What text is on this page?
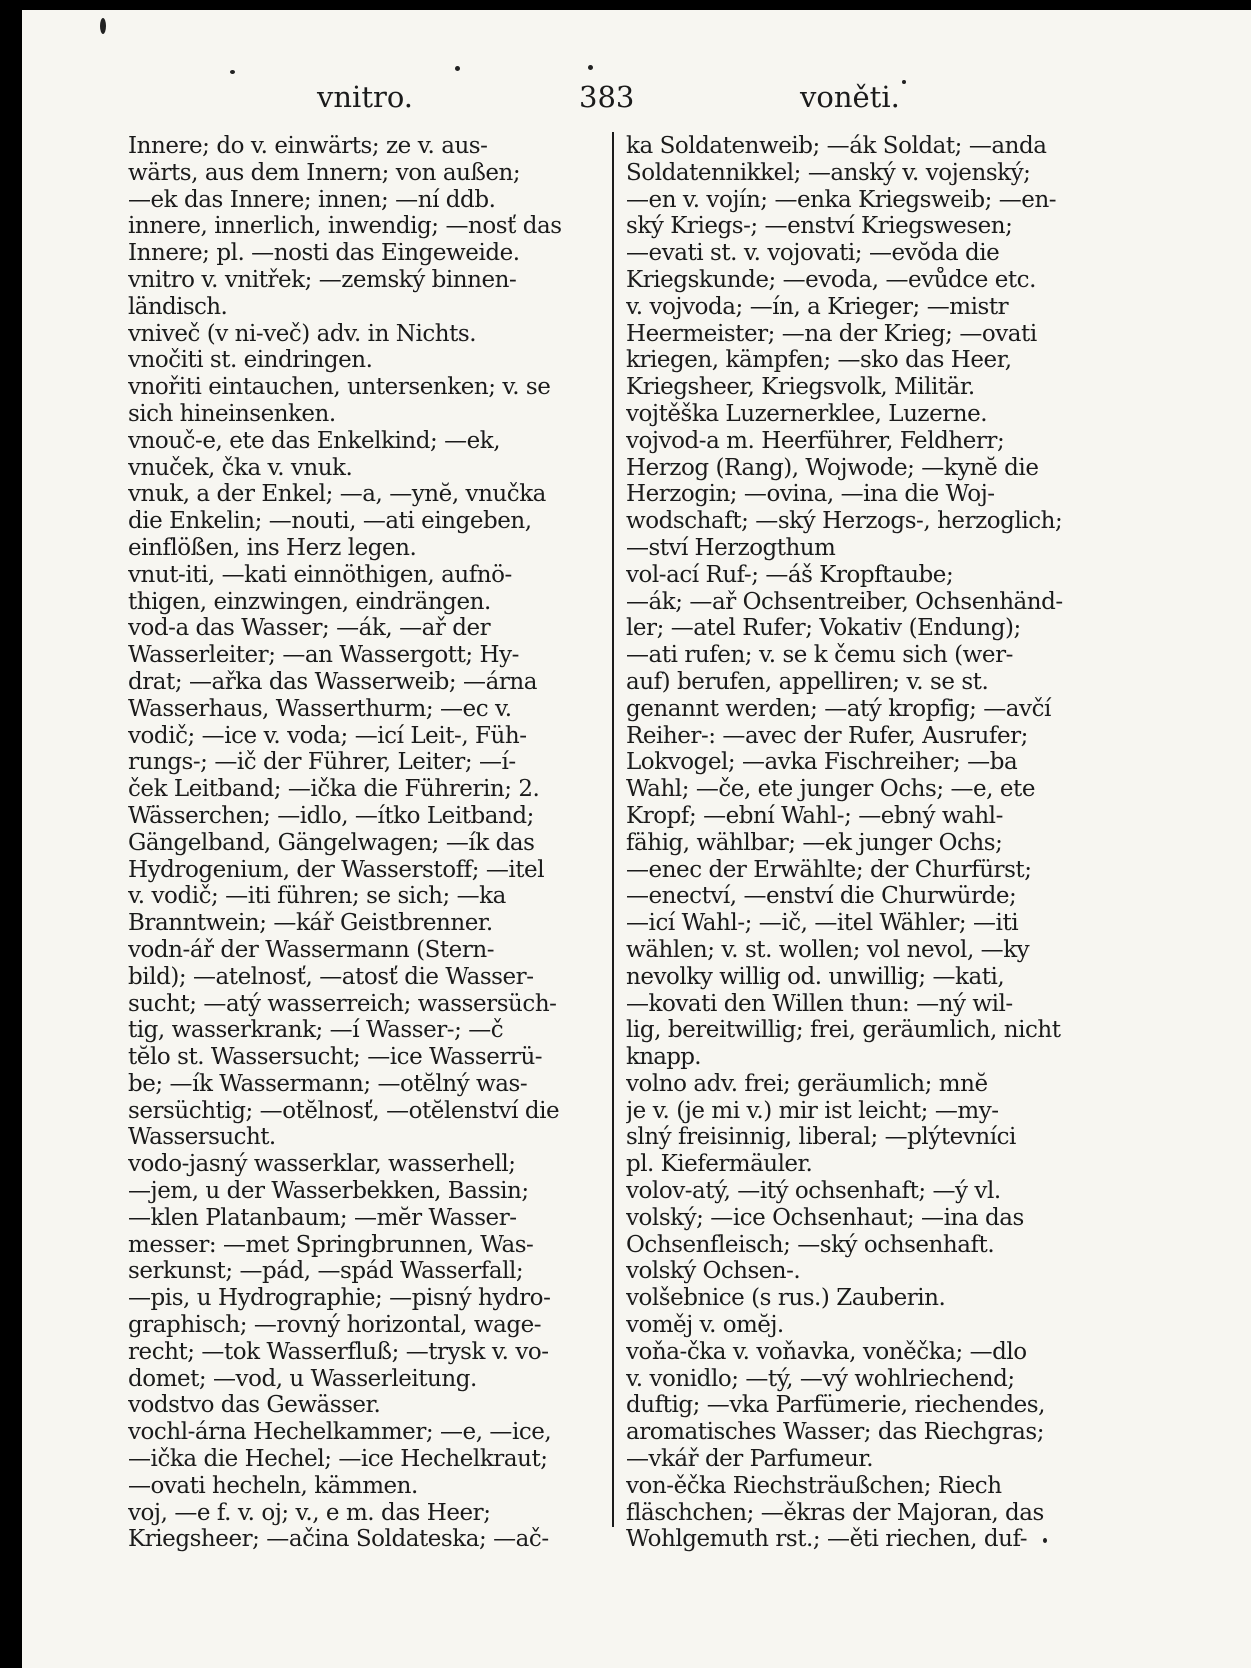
vnitro.	383	voněti.
Innere; do v. einwärts; ze v. aus-
wärts, aus dem Innern; von außen;
—ek das Innere; innen; —ní ddb.
innere, innerlich, inwendig; —nosť das
Innere; pl. —nosti das Eingeweide.
vnitro v. vnitřek; —zemský binnen-
ländisch.
vniveč (v ni-več) adv. in Nichts.
vnočiti st. eindringen.
vnořiti eintauchen, untersenken; v. se
sich hineinsenken.
vnouč-e, ete das Enkelkind; —ek,
vnuček, čka v. vnuk.
vnuk, a der Enkel; —a, —ynĕ, vnučka
die Enkelin; —nouti, —ati eingeben,
einflößen, ins Herz legen.
vnut-iti, —kati einnöthigen, aufnö-
thigen, einzwingen, eindrängen.
vod-a das Wasser; —ák, —ař der
Wasserleiter; —an Wassergott; Hy-
drat; —ařka das Wasserweib; —árna
Wasserhaus, Wasserthurm; —ec v.
vodič; —ice v. voda; —icí Leit-, Füh-
rungs-; —ič der Führer, Leiter; —í-
ček Leitband; —ička die Führerin; 2.
Wässerchen; —idlo, —ítko Leitband;
Gängelband, Gängelwagen; —ík das
Hydrogenium, der Wasserstoff; —itel
v. vodič; —iti führen; se sich; —ka
Branntwein; —kář Geistbrenner.
vodn-ář der Wassermann (Stern-
bild); —atelnosť, —atosť die Wasser-
sucht; —atý wasserreich; wassersüch-
tig, wasserkrank; —í Wasser-; —č
tĕlo st. Wassersucht; —ice Wasserrü-
be; —ík Wassermann; —otĕlný was-
sersüchtig; —otĕlnosť, —otĕlenství die
Wassersucht.
vodo-jasný wasserklar, wasserhell;
—jem, u der Wasserbekken, Bassin;
—klen Platanbaum; —mĕr Wasser-
messer: —met Springbrunnen, Was-
serkunst; —pád, —spád Wasserfall;
—pis, u Hydrographie; —pisný hydro-
graphisch; —rovný horizontal, wage-
recht; —tok Wasserfluß; —trysk v. vo-
domet; —vod, u Wasserleitung.
vodstvo das Gewässer.
vochl-árna Hechelkammer; —e, —ice,
—ička die Hechel; —ice Hechelkraut;
—ovati hecheln, kämmen.
voj, —e f. v. oj; v., e m. das Heer;
Kriegsheer; —ačina Soldateska; —ač-
ka Soldatenweib; —ák Soldat; —anda
Soldatennikkel; —anský v. vojenský;
—en v. vojín; —enka Kriegsweib; —en-
ský Kriegs-; —enství Kriegswesen;
—evati st. v. vojovati; —evŏda die
Kriegskunde; —evoda, —evůdce etc.
v. vojvoda; —ín, a Krieger; —mistr
Heermeister; —na der Krieg; —ovati
kriegen, kämpfen; —sko das Heer,
Kriegsheer, Kriegsvolk, Militär.
vojtěška Luzernerklee, Luzerne.
vojvod-a m. Heerführer, Feldherr;
Herzog (Rang), Wojwode; —kynĕ die
Herzogin; —ovina, —ina die Woj-
wodschaft; —ský Herzogs-, herzoglich;
—ství Herzogthum
vol-ací Ruf-; —áš Kropftaube;
—ák; —ař Ochsentreiber, Ochsenhänd-
ler; —atel Rufer; Vokativ (Endung);
—ati rufen; v. se k čemu sich (wer-
auf) berufen, appelliren; v. se st.
genannt werden; —atý kropfig; —avčí
Reiher-: —avec der Rufer, Ausrufer;
Lokvogel; —avka Fischreiher; —ba
Wahl; —če, ete junger Ochs; —e, ete
Kropf; —ební Wahl-; —ebný wahl-
fähig, wählbar; —ek junger Ochs;
—enec der Erwählte; der Churfürst;
—enectví, —enství die Churwürde;
—icí Wahl-; —ič, —itel Wähler; —iti
wählen; v. st. wollen; vol nevol, —ky
nevolky willig od. unwillig; —kati,
—kovati den Willen thun: —ný wil-
lig, bereitwillig; frei, geräumlich, nicht
knapp.
volno adv. frei; geräumlich; mnĕ
je v. (je mi v.) mir ist leicht; —my-
slný freisinnig, liberal; —plýtevníci
pl. Kiefermäuler.
volov-atý, —itý ochsenhaft; —ý vl.
volský; —ice Ochsenhaut; —ina das
Ochsenfleisch; —ský ochsenhaft.
volský Ochsen-.
volšebnice (s rus.) Zauberin.
voměj v. omĕj.
voňa-čka v. voňavka, voněčka; —dlo
v. vonidlo; —tý, —vý wohlriechend;
duftig; —vka Parfümerie, riechendes,
aromatisches Wasser; das Riechgras;
—vkář der Parfumeur.
von-ěčka Riechsträußchen; Riech
fläschchen; —ěkras der Majoran, das
Wohlgemuth rst.; —ěti riechen, duf-
